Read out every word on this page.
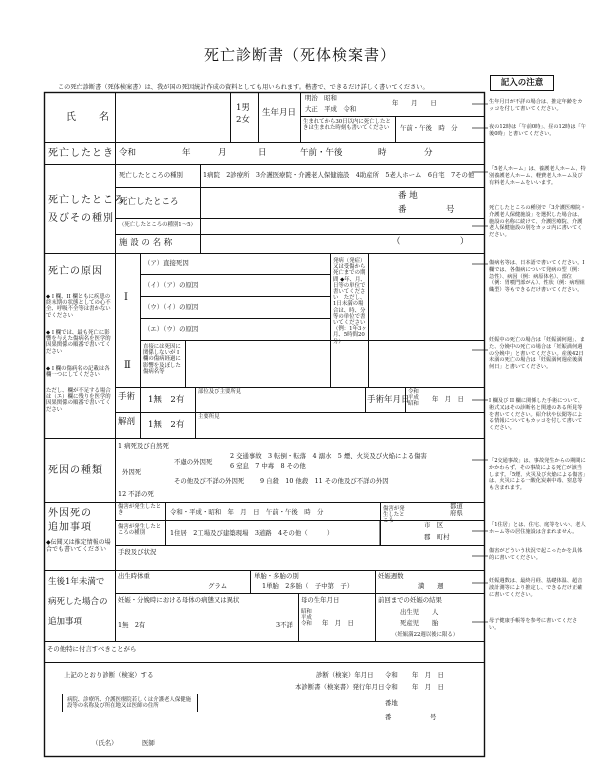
死亡診断書（死体検案書）
この死亡診断書（死体検案書）は、我が国の死因統計作成の資料としても用いられます。楷書で、できるだけ詳しく書いてください。	記入の注意
氏　　名
1男
2女
生年月日
明治　昭和
大正　平成　令和
年　　月　　日
生まれてから30日以内に死亡したときは生まれた時刻も書いてください	午前・午後　時　分
死亡したとき 令和	年	月	日	午前・午後	時	分
死亡したところ
及びその種別
死亡したところの種別	1病院　2診療所　3介護医療院・介護老人保健施設　4助産所　5老人ホーム　6自宅　7その他
死亡したところ
番 地
番	号
（死亡したところの種別1〜5）
施 設 の 名 称	（　　　　　　　）
死亡の原因
◆ I 欄、II 欄ともに疾患の終末期の状態としての心不全、呼吸不全等は書かないでください
◆ I 欄では、最も死亡に影響を与えた傷病名を医学的因果関係の順番で書いてください
◆ I 欄の傷病名の記載は各欄一つにしてください
ただし、欄が不足する場合は（エ）欄に残りを医学的因果関係の順番で書いてください
Ⅰ
Ⅱ
（ア）直接死因
（イ）（ア）の原因
（ウ）（イ）の原因
（エ）（ウ）の原因
直接には死因に関係しないが I 欄の傷病経過に影響を及ぼした傷病名等
発病（発症）又は受傷から死亡までの期間 ◆年、月、日等の単位で書いてください　ただし、1日未満の場合は、時、分等の単位で書いてください（例：1年3ヶ月、5時間20分）
手術 1無　2有
部位及び主要所見
手術年月日
令和 平成 昭和
年　月　日
解剖 1無　2有
主要所見
死因の種類
1 病死及び自然死
不慮の外因死
2 交通事故　3 転倒・転落　4 溺水　5 煙、火災及び火焔による傷害
6 窒息　7 中毒　8 その他
外因死
その他及び不詳の外因死 9 自殺　10 他殺　11 その他及び不詳の外因
12 不詳の死
外因死の
追加事項
◆伝聞又は推定情報の場合でも書いてください
傷害が発生したとき	令和・平成・昭和　年　月　日　午前・午後　時　分
傷害が発生したところの種別	1住居　2工場及び建築現場　3道路　4その他（　　　）
傷害が発生したところ
都道府県
市　区
郡　町村
手段及び状況
生後1年未満で
病死した場合の
追加事項
出生時体重
グラム
単胎・多胎の別
1単胎　2多胎（　子中第　子）
妊娠週数
満　　週
妊娠・分娩時における母体の病態又は異状
1無　2有	3不詳
母の生年月日
昭和 平成 令和	年　月　日
前回までの妊娠の結果
出生児　　人
死産児　　胎
（妊娠満22週以後に限る）
その他特に付言すべきことがら
上記のとおり診断（検案）する	診断（検案）年月日 令和 年　月　日
本診断書（検案書）発行年月日 令和 年　月　日
病院、診療所、介護医療院若しくは介護老人保健施設等の名称及び所在地又は医師の住所	番地
番	号
（氏名）	医師
生年月日が不詳の場合は、推定年齢をカッコを付して書いてください。
夜の12時は「午前0時」、昼の12時は「午後0時」と書いてください。
「5老人ホーム」は、養護老人ホーム、特別養護老人ホーム、軽費老人ホーム及び有料老人ホームをいいます。
死亡したところの種別で「3介護医療院・介護老人保健施設」を選択した場合は、施設の名称に続けて、介護医療院、介護老人保健施設の別をカッコ内に書いてください。
傷病名等は、日本語で書いてください。I 欄では、各傷病について発病の型（例：急性）、病因（例：病原体名）、部位（例：胃噴門部がん）、性状（例：病理組織型）等もできるだけ書いてください。
妊娠中の死亡の場合は「妊娠満何週」、また、分娩中の死亡の場合は「妊娠満何週の分娩中」と書いてください。産後42日未満の死亡の場合は「妊娠満何週産後満何日」と書いてください。
I 欄及び II 欄に関係した手術について、術式又はその診断名と関連のある所見等を書いてください。紹介状や伝聞等による情報についてもカッコを付して書いてください。
「2交通事故」は、事故発生からの期間にかかわらず、その事故による死亡が該当します。「5煙、火災及び火焔による傷害」は、火災による一酸化炭素中毒、窒息等も含まれます。
「1住居」とは、住宅、庭等をいい、老人ホーム等の居住施設は含まれません。
傷害がどういう状況で起こったかを具体的に書いてください。
妊娠週数は、最終月経、基礎体温、超音波計測等により推定し、できるだけ正確に書いてください。
母子健康手帳等を参考に書いてください。
